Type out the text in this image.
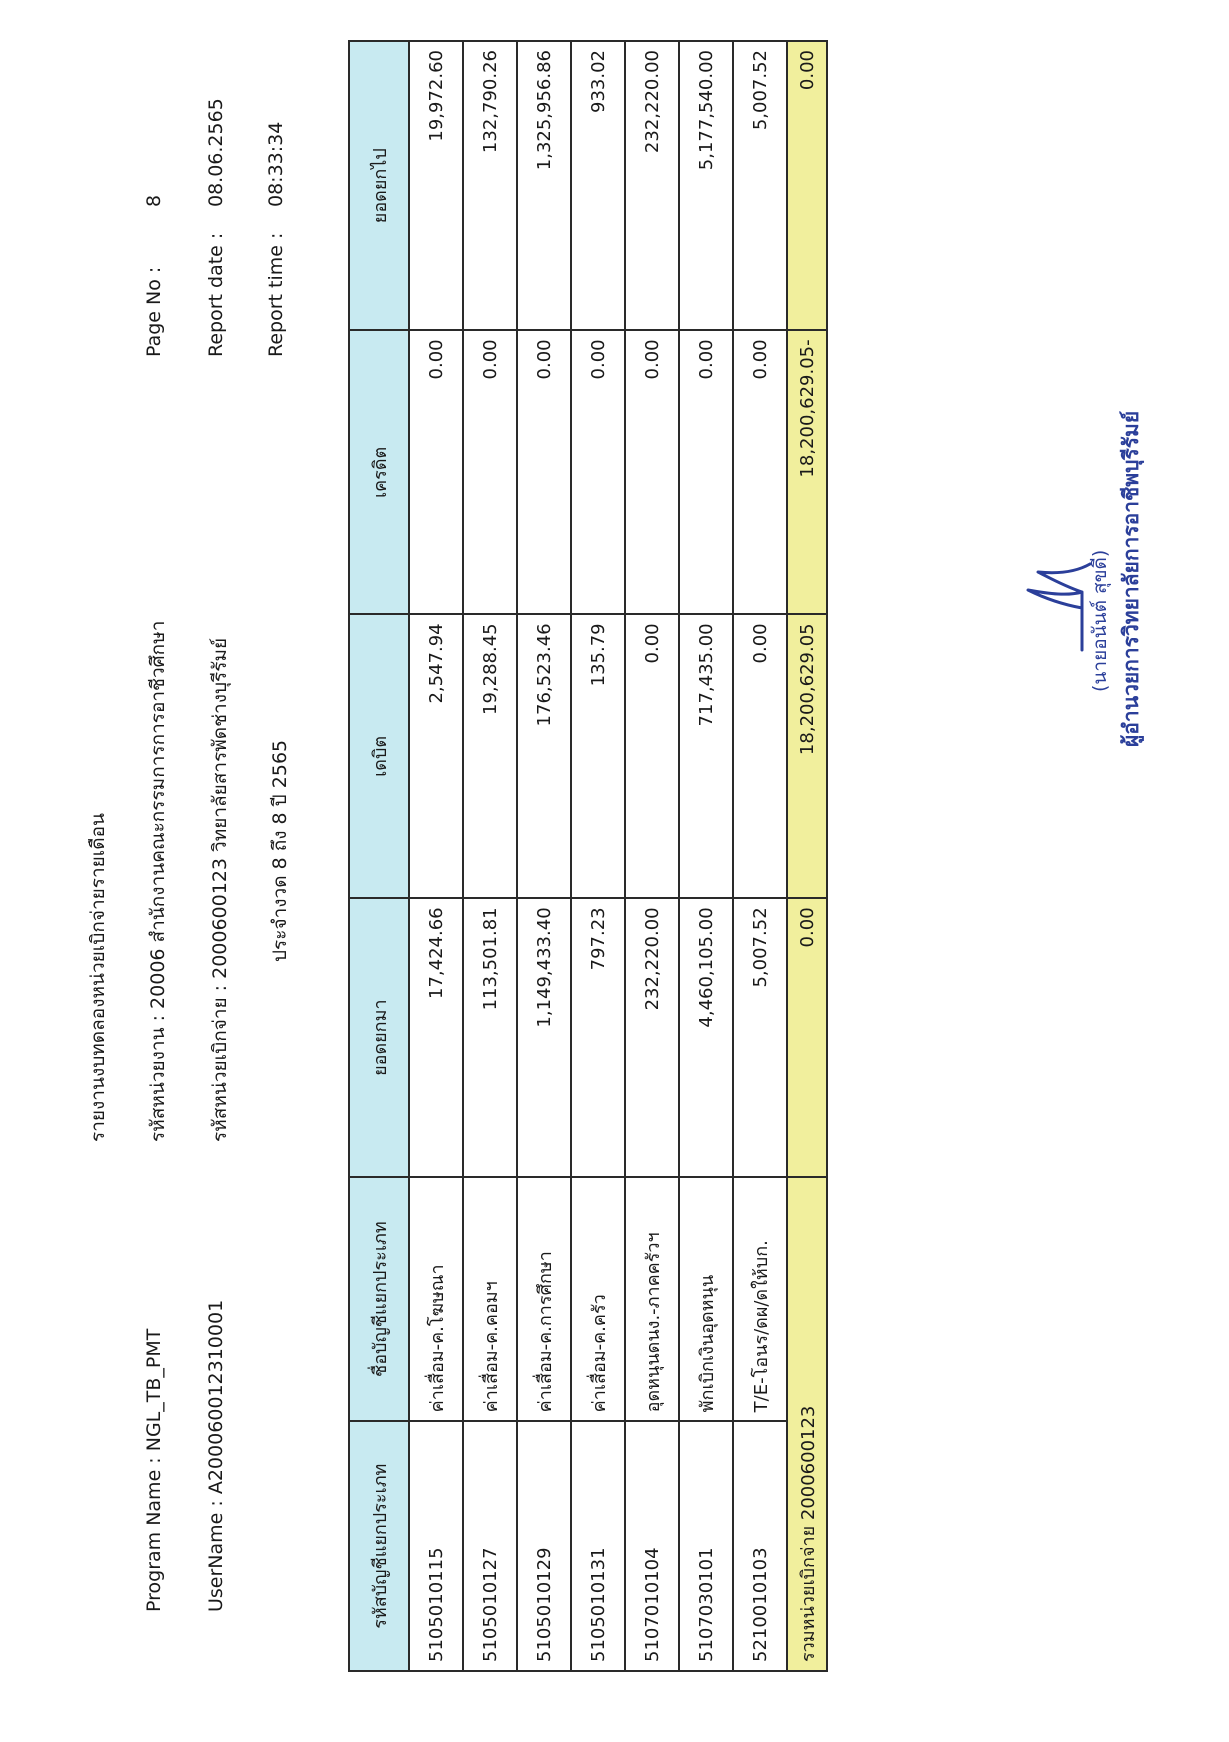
รายงานงบทดลองหน่วยเบิกจ่ายรายเดือน
Program Name : NGL_TB_PMT UserName : A200060012310001
รหัสหน่วยงาน : 20006 สำนักงานคณะกรรมการการอาชีวศึกษา รหัสหน่วยเบิกจ่าย : 2000600123 วิทยาลัยสารพัดช่างบุรีรัมย์ ประจำงวด 8 ถึง 8 ปี 2565
Page No :8
Report date :08.06.2565
Report time :08:33:34
รหัสบัญชีแยกประเภท	ชื่อบัญชีแยกประเภท	ยอดยกมา	เดบิต	เครดิต	ยอดยกไป
5105010115	ค่าเสื่อม-ค.โฆษณา	17,424.66	2,547.94	0.00	19,972.60
5105010127	ค่าเสื่อม-ค.คอมฯ	113,501.81	19,288.45	0.00	132,790.26
5105010129	ค่าเสื่อม-ค.การศึกษา	1,149,433.40	176,523.46	0.00	1,325,956.86
5105010131	ค่าเสื่อม-ค.ครัว	797.23	135.79	0.00	933.02
5107010104	อุดหนุนดนง.-ภาคครัวฯ	232,220.00	0.00	0.00	232,220.00
5107030101	พักเบิกเงินอุดหนุน	4,460,105.00	717,435.00	0.00	5,177,540.00
5210010103	T/E-โอนร/ดผ/ดให้บก.	5,007.52	0.00	0.00	5,007.52
รวมหน่วยเบิกจ่าย 2000600123		0.00	18,200,629.05	18,200,629.05-	0.00
(นายอนันต์ สุขดี) ผู้อำนวยการวิทยาลัยการอาชีพบุรีรัมย์
